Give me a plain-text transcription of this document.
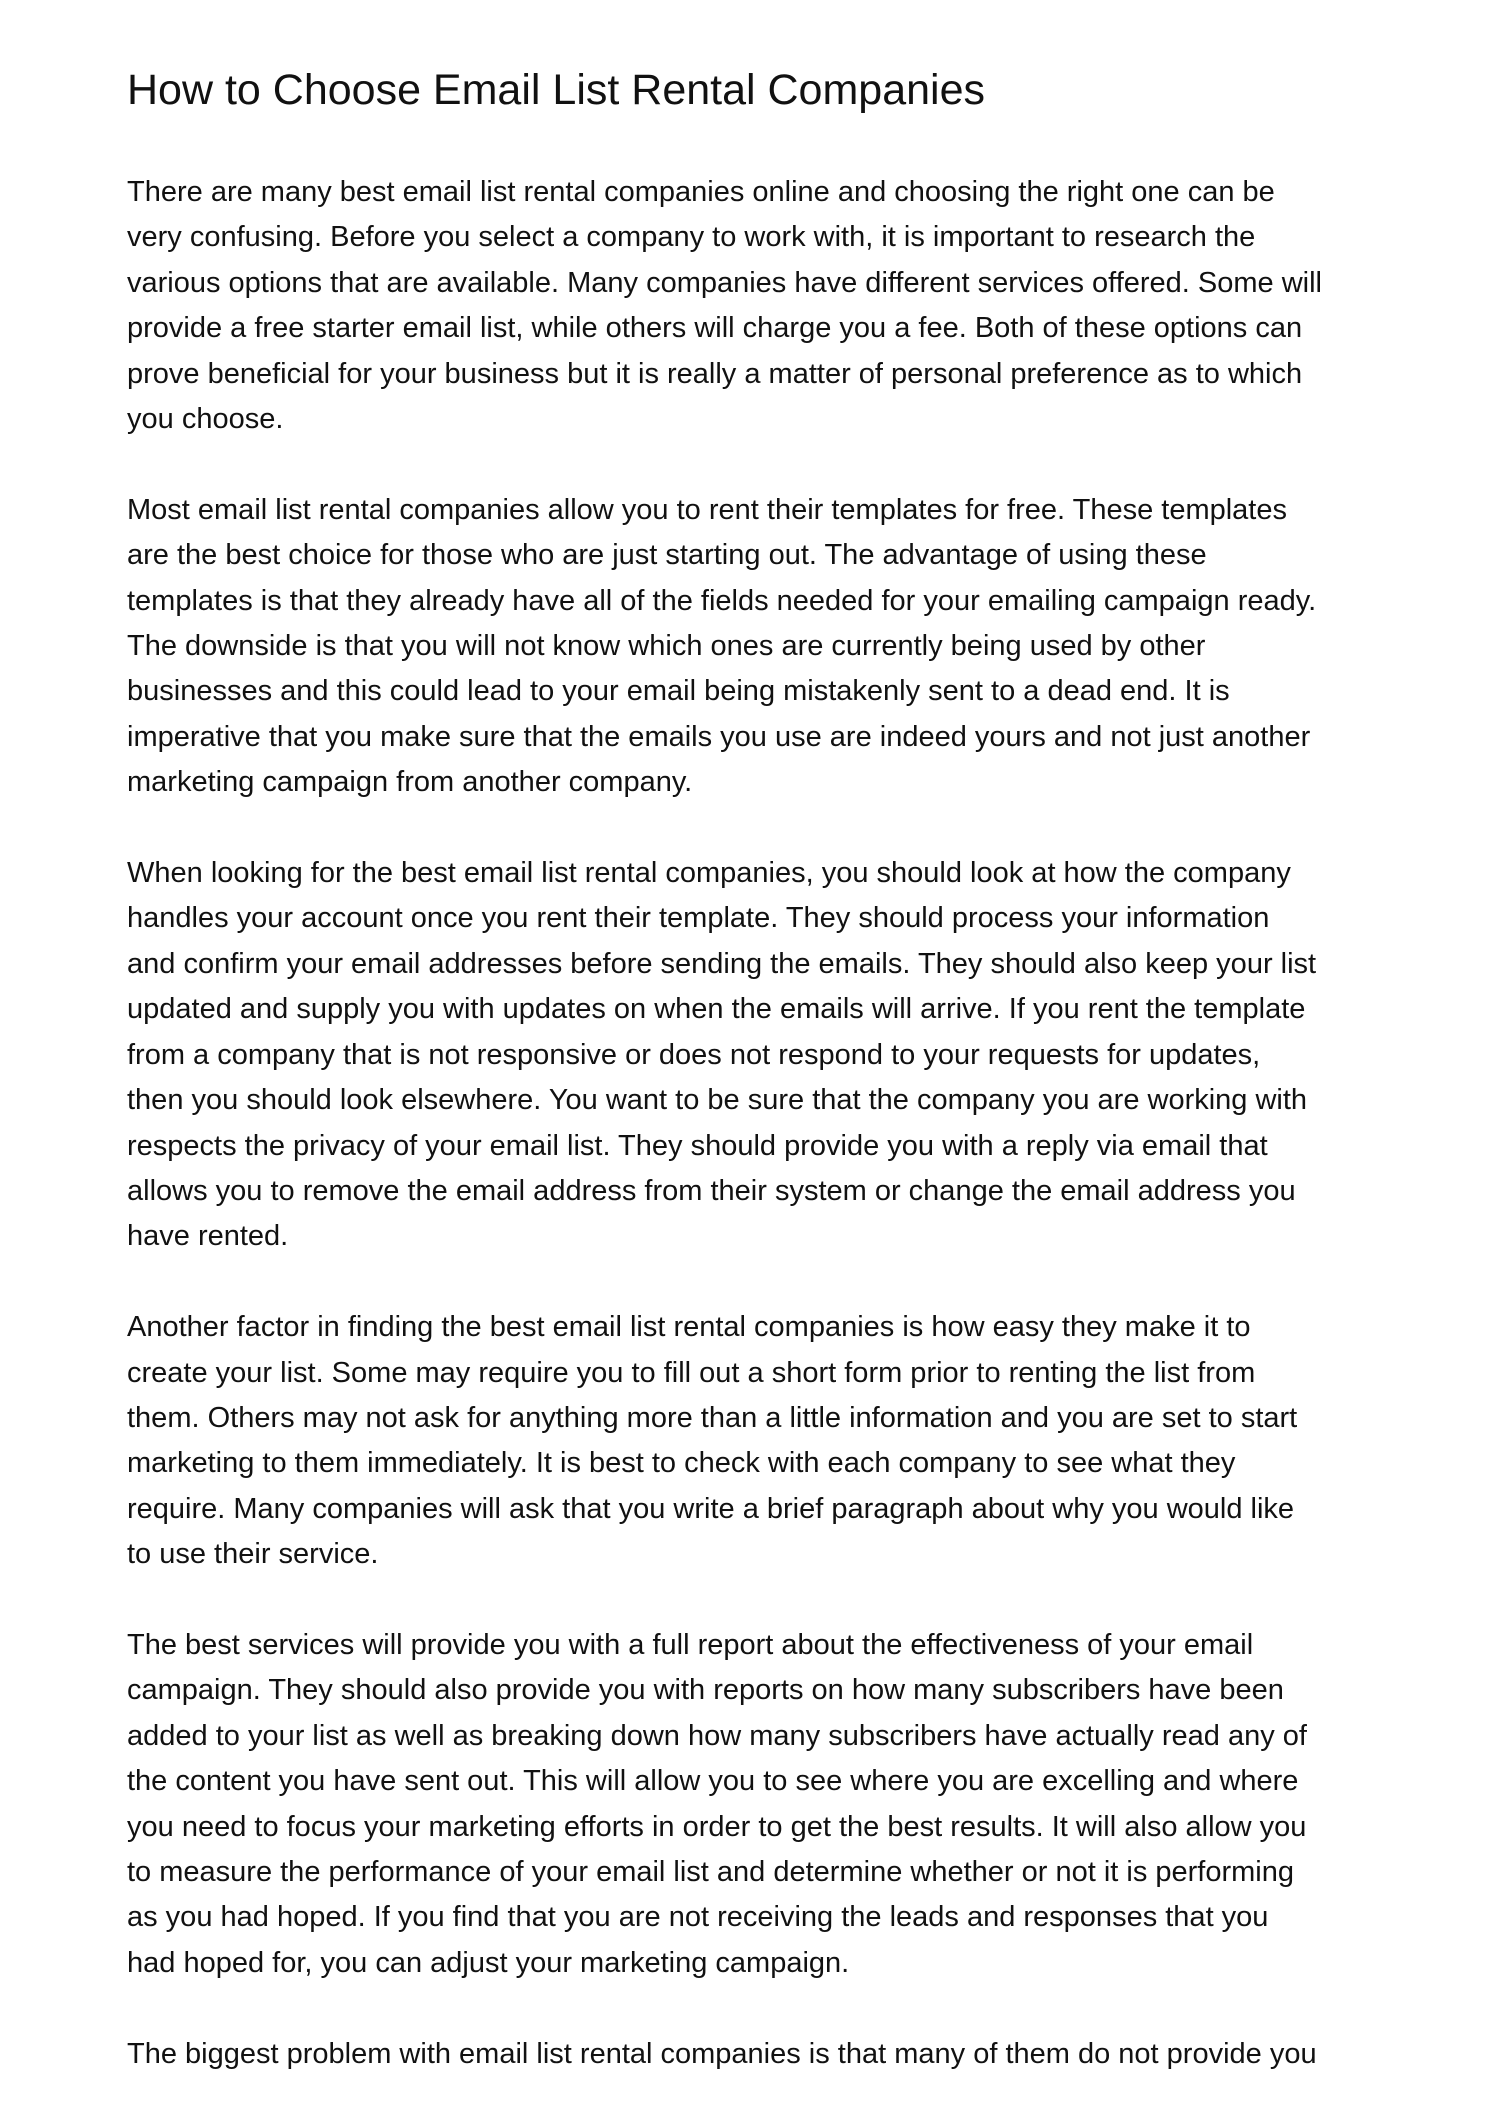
How to Choose Email List Rental Companies

There are many best email list rental companies online and choosing the right one can be
very confusing. Before you select a company to work with, it is important to research the
various options that are available. Many companies have different services offered. Some will
provide a free starter email list, while others will charge you a fee. Both of these options can
prove beneficial for your business but it is really a matter of personal preference as to which
you choose.

Most email list rental companies allow you to rent their templates for free. These templates
are the best choice for those who are just starting out. The advantage of using these
templates is that they already have all of the fields needed for your emailing campaign ready.
The downside is that you will not know which ones are currently being used by other
businesses and this could lead to your email being mistakenly sent to a dead end. It is
imperative that you make sure that the emails you use are indeed yours and not just another
marketing campaign from another company.

When looking for the best email list rental companies, you should look at how the company
handles your account once you rent their template. They should process your information
and confirm your email addresses before sending the emails. They should also keep your list
updated and supply you with updates on when the emails will arrive. If you rent the template
from a company that is not responsive or does not respond to your requests for updates,
then you should look elsewhere. You want to be sure that the company you are working with
respects the privacy of your email list. They should provide you with a reply via email that
allows you to remove the email address from their system or change the email address you
have rented.

Another factor in finding the best email list rental companies is how easy they make it to
create your list. Some may require you to fill out a short form prior to renting the list from
them. Others may not ask for anything more than a little information and you are set to start
marketing to them immediately. It is best to check with each company to see what they
require. Many companies will ask that you write a brief paragraph about why you would like
to use their service.

The best services will provide you with a full report about the effectiveness of your email
campaign. They should also provide you with reports on how many subscribers have been
added to your list as well as breaking down how many subscribers have actually read any of
the content you have sent out. This will allow you to see where you are excelling and where
you need to focus your marketing efforts in order to get the best results. It will also allow you
to measure the performance of your email list and determine whether or not it is performing
as you had hoped. If you find that you are not receiving the leads and responses that you
had hoped for, you can adjust your marketing campaign.

The biggest problem with email list rental companies is that many of them do not provide you
